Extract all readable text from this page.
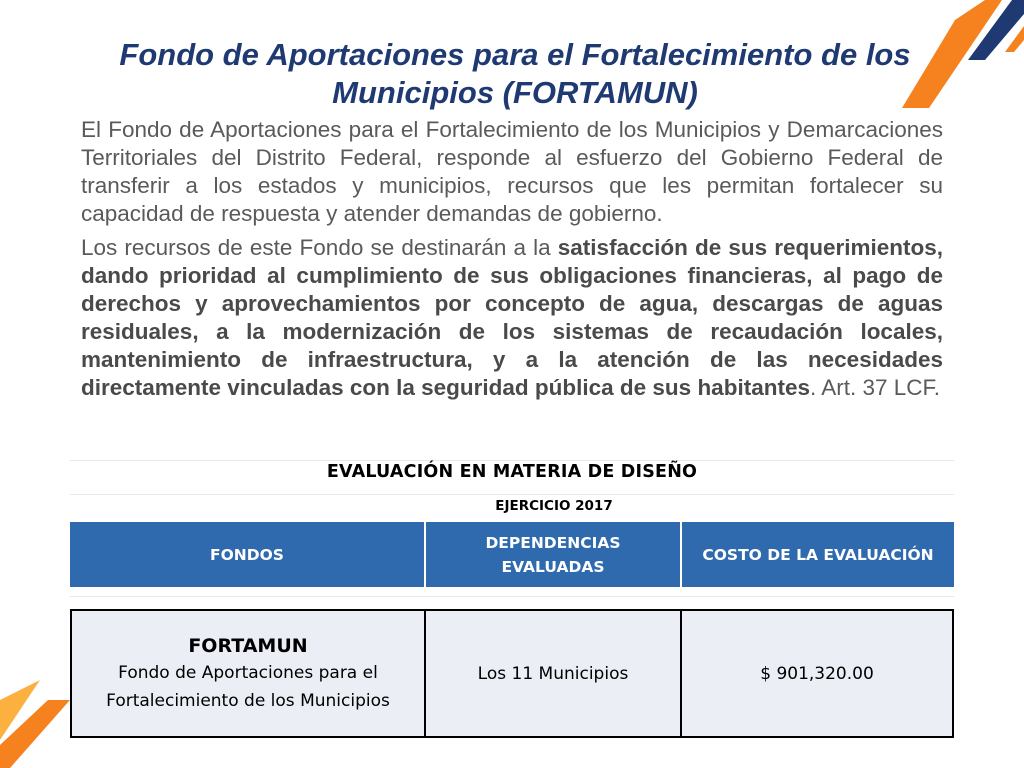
Fondo de Aportaciones para el Fortalecimiento de los Municipios (FORTAMUN)

El Fondo de Aportaciones para el Fortalecimiento de los Municipios y Demarcaciones Territoriales del Distrito Federal, responde al esfuerzo del Gobierno Federal de transferir a los estados y municipios, recursos que les permitan fortalecer su capacidad de respuesta y atender demandas de gobierno.

Los recursos de este Fondo se destinarán a la satisfacción de sus requerimientos, dando prioridad al cumplimiento de sus obligaciones financieras, al pago de derechos y aprovechamientos por concepto de agua, descargas de aguas residuales, a la modernización de los sistemas de recaudación locales, mantenimiento de infraestructura, y a la atención de las necesidades directamente vinculadas con la seguridad pública de sus habitantes. Art. 37 LCF.

EVALUACIÓN EN MATERIA DE DISEÑO
EJERCICIO 2017
FONDOS
DEPENDENCIAS EVALUADAS
COSTO DE LA EVALUACIÓN
FORTAMUN
Fondo de Aportaciones para el Fortalecimiento de los Municipios
Los 11 Municipios	$ 901,320.00
